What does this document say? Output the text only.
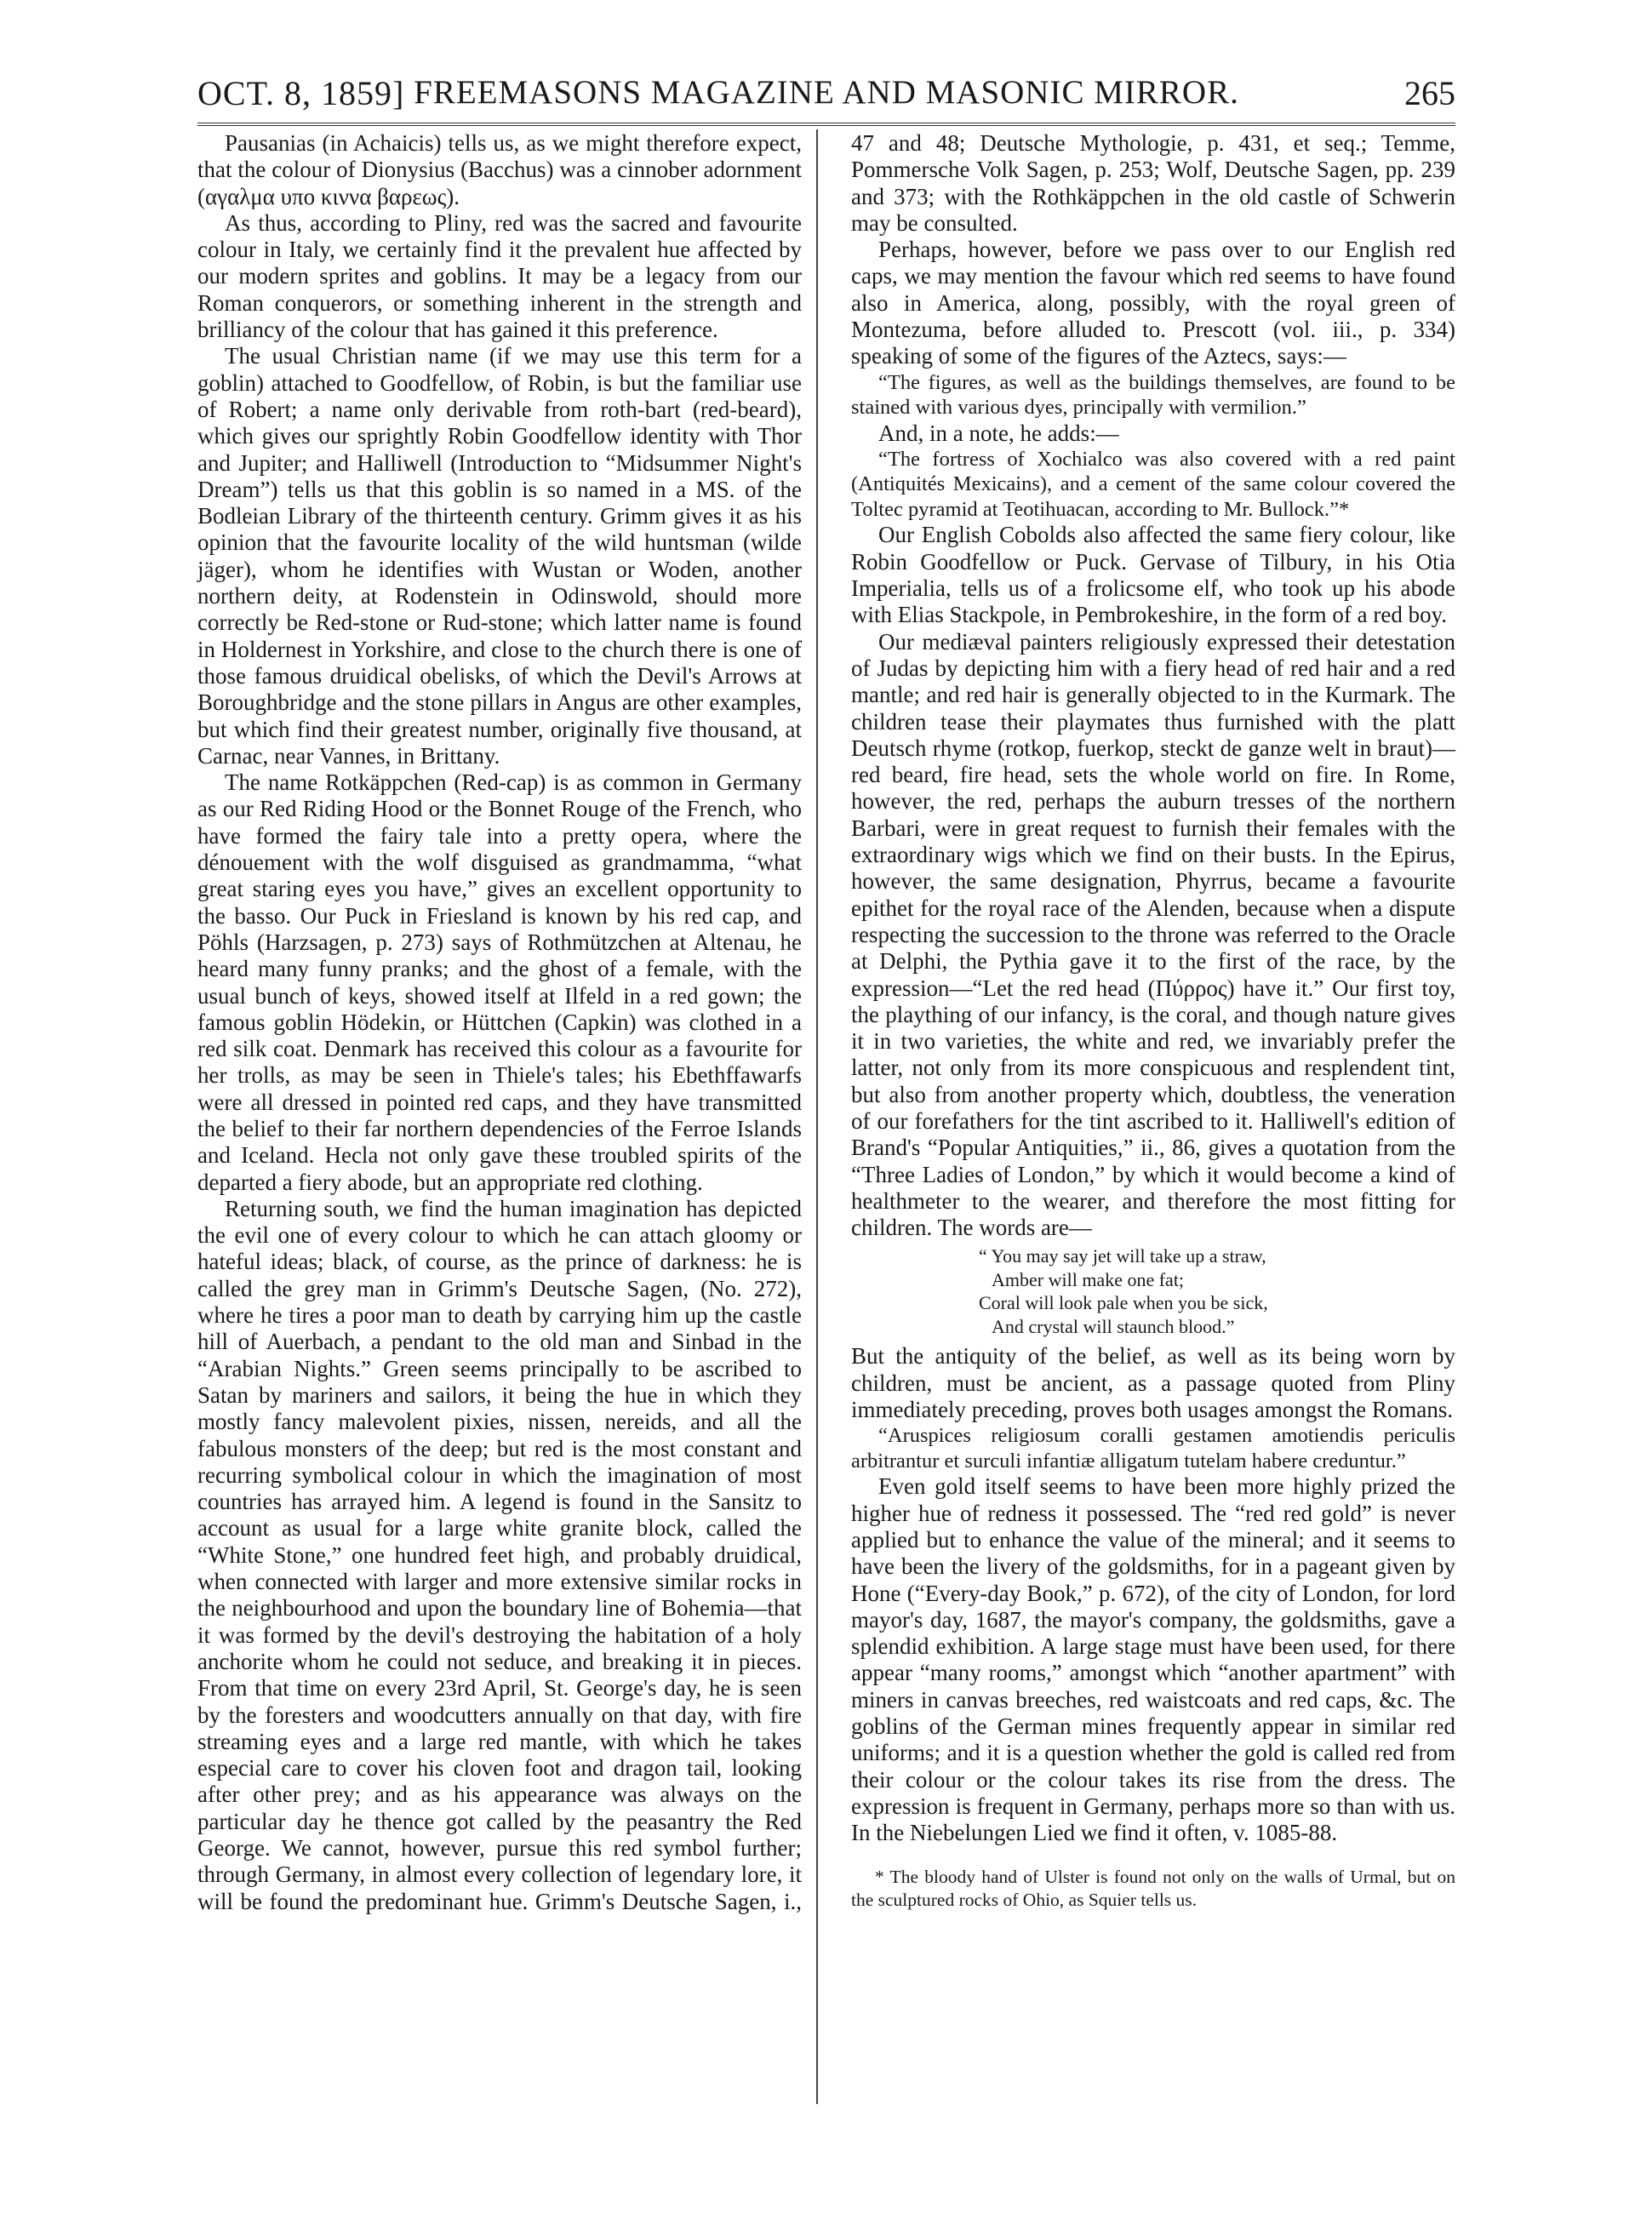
OCT. 8, 1859] FREEMASONS MAGAZINE AND MASONIC MIRROR.	265

Pausanias (in Achaicis) tells us, as we might therefore expect, that the colour of Dionysius (Bacchus) was a cinnober adornment (αγαλμα υπο κιννα βαρεως).

As thus, according to Pliny, red was the sacred and favourite colour in Italy, we certainly find it the prevalent hue affected by our modern sprites and goblins. It may be a legacy from our Roman conquerors, or something inherent in the strength and brilliancy of the colour that has gained it this preference.

The usual Christian name (if we may use this term for a goblin) attached to Goodfellow, of Robin, is but the familiar use of Robert; a name only derivable from roth-bart (red-beard), which gives our sprightly Robin Goodfellow identity with Thor and Jupiter; and Halliwell (Introduction to “Midsummer Night's Dream”) tells us that this goblin is so named in a MS. of the Bodleian Library of the thirteenth century. Grimm gives it as his opinion that the favourite locality of the wild huntsman (wilde jäger), whom he identifies with Wustan or Woden, another northern deity, at Rodenstein in Odinswold, should more correctly be Red-stone or Rud-stone; which latter name is found in Holdernest in Yorkshire, and close to the church there is one of those famous druidical obelisks, of which the Devil's Arrows at Boroughbridge and the stone pillars in Angus are other examples, but which find their greatest number, originally five thousand, at Carnac, near Vannes, in Brittany.

The name Rotkäppchen (Red-cap) is as common in Germany as our Red Riding Hood or the Bonnet Rouge of the French, who have formed the fairy tale into a pretty opera, where the dénouement with the wolf disguised as grandmamma, “what great staring eyes you have,” gives an excellent opportunity to the basso. Our Puck in Friesland is known by his red cap, and Pöhls (Harzsagen, p. 273) says of Rothmützchen at Altenau, he heard many funny pranks; and the ghost of a female, with the usual bunch of keys, showed itself at Ilfeld in a red gown; the famous goblin Hödekin, or Hüttchen (Capkin) was clothed in a red silk coat. Denmark has received this colour as a favourite for her trolls, as may be seen in Thiele's tales; his Ebethffawarfs were all dressed in pointed red caps, and they have transmitted the belief to their far northern dependencies of the Ferroe Islands and Iceland. Hecla not only gave these troubled spirits of the departed a fiery abode, but an appropriate red clothing.

Returning south, we find the human imagination has depicted the evil one of every colour to which he can attach gloomy or hateful ideas; black, of course, as the prince of darkness: he is called the grey man in Grimm's Deutsche Sagen, (No. 272), where he tires a poor man to death by carrying him up the castle hill of Auerbach, a pendant to the old man and Sinbad in the “Arabian Nights.” Green seems principally to be ascribed to Satan by mariners and sailors, it being the hue in which they mostly fancy malevolent pixies, nissen, nereids, and all the fabulous monsters of the deep; but red is the most constant and recurring symbolical colour in which the imagination of most countries has arrayed him. A legend is found in the Sansitz to account as usual for a large white granite block, called the “White Stone,” one hundred feet high, and probably druidical, when connected with larger and more extensive similar rocks in the neighbourhood and upon the boundary line of Bohemia—that it was formed by the devil's destroying the habitation of a holy anchorite whom he could not seduce, and breaking it in pieces. From that time on every 23rd April, St. George's day, he is seen by the foresters and woodcutters annually on that day, with fire streaming eyes and a large red mantle, with which he takes especial care to cover his cloven foot and dragon tail, looking after other prey; and as his appearance was always on the particular day he thence got called by the peasantry the Red George. We cannot, however, pursue this red symbol further; through Germany, in almost every collection of legendary lore, it will be found the predominant hue. Grimm's Deutsche Sagen, i.,

47 and 48; Deutsche Mythologie, p. 431, et seq.; Temme, Pommersche Volk Sagen, p. 253; Wolf, Deutsche Sagen, pp. 239 and 373; with the Rothkäppchen in the old castle of Schwerin may be consulted.

Perhaps, however, before we pass over to our English red caps, we may mention the favour which red seems to have found also in America, along, possibly, with the royal green of Montezuma, before alluded to. Prescott (vol. iii., p. 334) speaking of some of the figures of the Aztecs, says:—

“The figures, as well as the buildings themselves, are found to be stained with various dyes, principally with vermilion.”

And, in a note, he adds:—

“The fortress of Xochialco was also covered with a red paint (Antiquités Mexicains), and a cement of the same colour covered the Toltec pyramid at Teotihuacan, according to Mr. Bullock.”*

Our English Cobolds also affected the same fiery colour, like Robin Goodfellow or Puck. Gervase of Tilbury, in his Otia Imperialia, tells us of a frolicsome elf, who took up his abode with Elias Stackpole, in Pembrokeshire, in the form of a red boy.

Our mediæval painters religiously expressed their detestation of Judas by depicting him with a fiery head of red hair and a red mantle; and red hair is generally objected to in the Kurmark. The children tease their playmates thus furnished with the platt Deutsch rhyme (rotkop, fuerkop, steckt de ganze welt in braut)—red beard, fire head, sets the whole world on fire. In Rome, however, the red, perhaps the auburn tresses of the northern Barbari, were in great request to furnish their females with the extraordinary wigs which we find on their busts. In the Epirus, however, the same designation, Phyrrus, became a favourite epithet for the royal race of the Alenden, because when a dispute respecting the succession to the throne was referred to the Oracle at Delphi, the Pythia gave it to the first of the race, by the expression—“Let the red head (Πύρρος) have it.” Our first toy, the plaything of our infancy, is the coral, and though nature gives it in two varieties, the white and red, we invariably prefer the latter, not only from its more conspicuous and resplendent tint, but also from another property which, doubtless, the veneration of our forefathers for the tint ascribed to it. Halliwell's edition of Brand's “Popular Antiquities,” ii., 86, gives a quotation from the “Three Ladies of London,” by which it would become a kind of healthmeter to the wearer, and therefore the most fitting for children. The words are—

“ You may say jet will take up a straw,
Amber will make one fat;
Coral will look pale when you be sick,
And crystal will staunch blood.”

But the antiquity of the belief, as well as its being worn by children, must be ancient, as a passage quoted from Pliny immediately preceding, proves both usages amongst the Romans.

“Aruspices religiosum coralli gestamen amotiendis periculis arbitrantur et surculi infantiæ alligatum tutelam habere creduntur.”

Even gold itself seems to have been more highly prized the higher hue of redness it possessed. The “red red gold” is never applied but to enhance the value of the mineral; and it seems to have been the livery of the goldsmiths, for in a pageant given by Hone (“Every-day Book,” p. 672), of the city of London, for lord mayor's day, 1687, the mayor's company, the goldsmiths, gave a splendid exhibition. A large stage must have been used, for there appear “many rooms,” amongst which “another apartment” with miners in canvas breeches, red waistcoats and red caps, &c. The goblins of the German mines frequently appear in similar red uniforms; and it is a question whether the gold is called red from their colour or the colour takes its rise from the dress. The expression is frequent in Germany, perhaps more so than with us. In the Niebelungen Lied we find it often, v. 1085-88.

* The bloody hand of Ulster is found not only on the walls of Urmal, but on the sculptured rocks of Ohio, as Squier tells us.
